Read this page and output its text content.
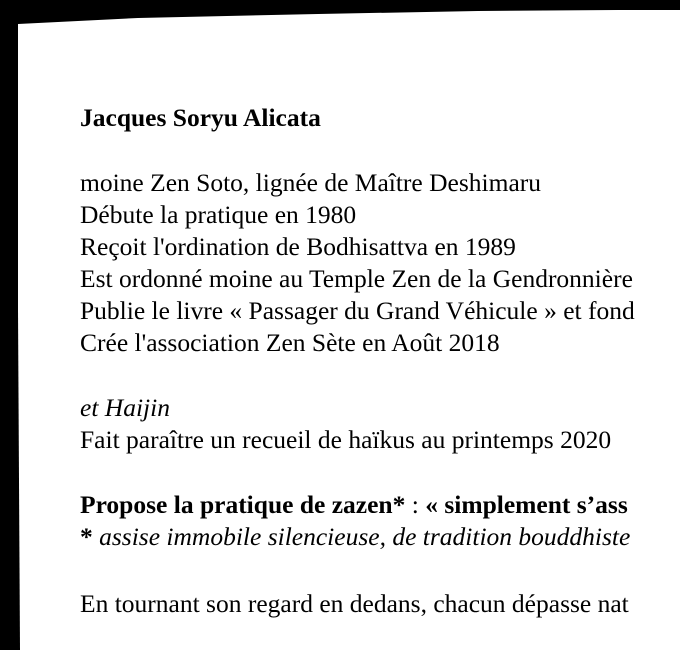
Jacques Soryu Alicata
moine Zen Soto, lignée de Maître Deshimaru
Débute la pratique en 1980
Reçoit l'ordination de Bodhisattva en 1989
Est ordonné moine au Temple Zen de la Gendronnière
Publie le livre « Passager du Grand Véhicule » et fond
Crée l'association Zen Sète en Août 2018
et Haijin
Fait paraître un recueil de haïkus au printemps 2020
Propose la pratique de zazen* : « simplement s’ass
* assise immobile silencieuse, de tradition bouddhiste
En tournant son regard en dedans, chacun dépasse nat
